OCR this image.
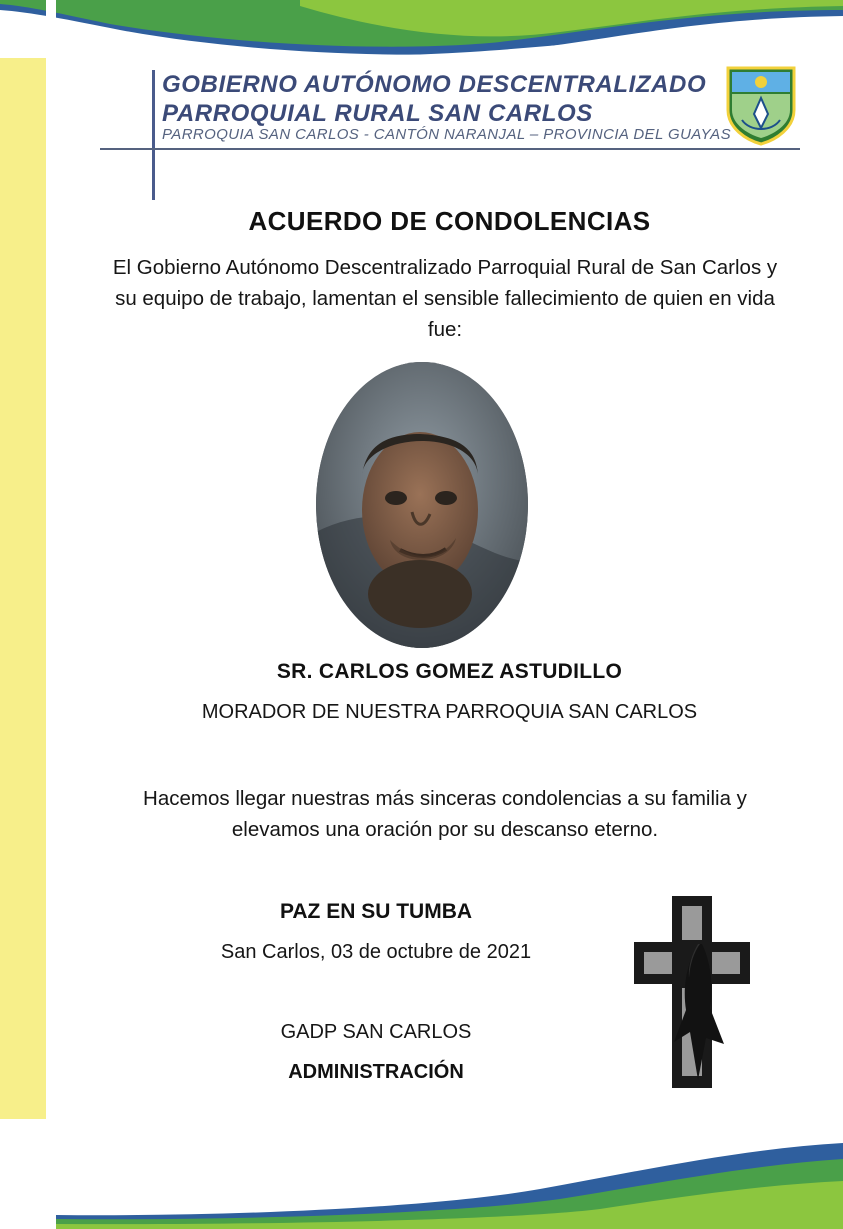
GOBIERNO AUTÓNOMO DESCENTRALIZADO
PARROQUIAL RURAL SAN CARLOS
PARROQUIA SAN CARLOS - CANTÓN NARANJAL – PROVINCIA DEL GUAYAS
ACUERDO DE CONDOLENCIAS
El Gobierno Autónomo Descentralizado Parroquial Rural de San Carlos y su equipo de trabajo, lamentan el sensible fallecimiento de quien en vida fue:
SR. CARLOS GOMEZ ASTUDILLO
MORADOR DE NUESTRA PARROQUIA SAN CARLOS
Hacemos llegar nuestras más sinceras condolencias a su familia y elevamos una oración por su descanso eterno.
PAZ EN SU TUMBA
San Carlos, 03 de octubre de 2021
GADP SAN CARLOS
ADMINISTRACIÓN
